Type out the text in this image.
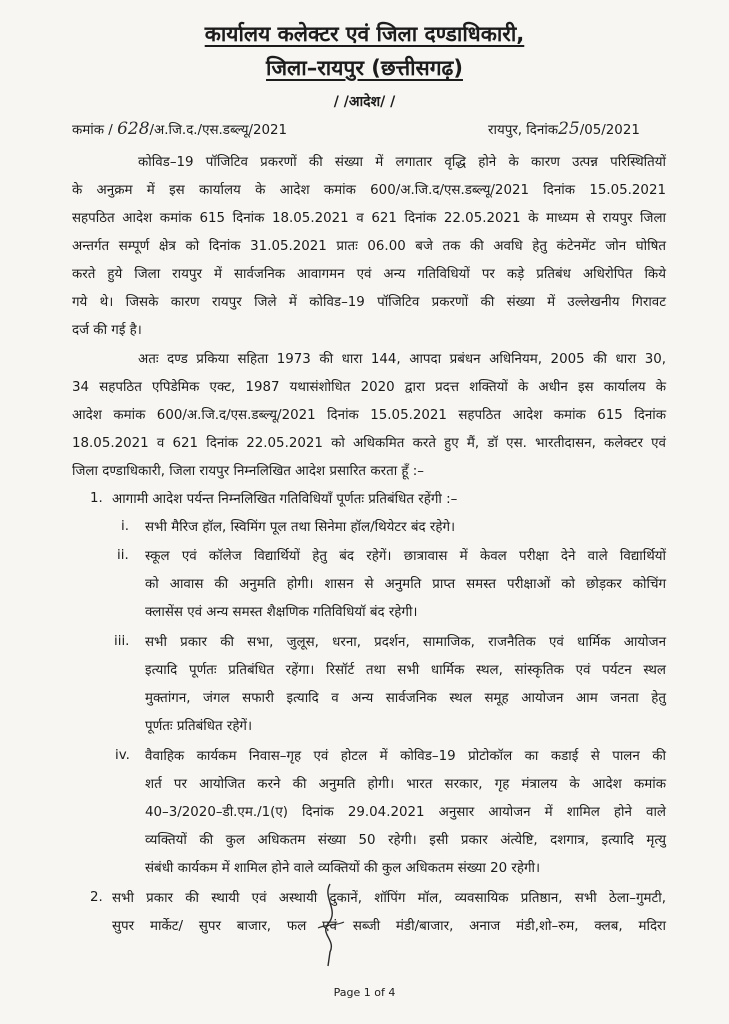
कार्यालय कलेक्टर एवं जिला दण्डाधिकारी,
जिला–रायपुर (छत्तीसगढ़)
/ /आदेश/ /
कमांक / 628/अ.जि.द./एस.डब्ल्यू/2021	रायपुर, दिनांक25/05/2021
कोविड–19 पॉजिटिव प्रकरणों की संख्या में लगातार वृद्धि होने के कारण उत्पन्न परिस्थितियों
के अनुक्रम में इस कार्यालय के आदेश कमांक 600/अ.जि.द/एस.डब्ल्यू/2021 दिनांक 15.05.2021
सहपठित आदेश कमांक 615 दिनांक 18.05.2021 व 621 दिनांक 22.05.2021 के माध्यम से रायपुर जिला
अन्तर्गत सम्पूर्ण क्षेत्र को दिनांक 31.05.2021 प्रातः 06.00 बजे तक की अवधि हेतु कंटेनमेंट जोन घोषित
करते हुये जिला रायपुर में सार्वजनिक आवागमन एवं अन्य गतिविधियों पर कड़े प्रतिबंध अधिरोपित किये
गये थे। जिसके कारण रायपुर जिले में कोविड–19 पॉजिटिव प्रकरणों की संख्या में उल्लेखनीय गिरावट
दर्ज की गई है।
अतः दण्ड प्रकिया सहिता 1973 की धारा 144, आपदा प्रबंधन अधिनियम, 2005 की धारा 30,
34 सहपठित एपिडेमिक एक्ट, 1987 यथासंशोधित 2020 द्वारा प्रदत्त शक्तियों के अधीन इस कार्यालय के
आदेश कमांक 600/अ.जि.द/एस.डब्ल्यू/2021 दिनांक 15.05.2021 सहपठित आदेश कमांक 615 दिनांक
18.05.2021 व 621 दिनांक 22.05.2021 को अधिकमित करते हुए मैं, डॉ एस. भारतीदासन, कलेक्टर एवं
जिला दण्डाधिकारी, जिला रायपुर निम्नलिखित आदेश प्रसारित करता हूँ :–
1. आगामी आदेश पर्यन्त निम्नलिखित गतिविधियाँ पूर्णतः प्रतिबंधित रहेंगी :–
i. सभी मैरिज हॉल, स्विमिंग पूल तथा सिनेमा हॉल/थियेटर बंद रहेगे।
ii. स्कूल एवं कॉलेज विद्यार्थियों हेतु बंद रहेगें। छात्रावास में केवल परीक्षा देने वाले विद्यार्थियों
को आवास की अनुमति होगी। शासन से अनुमति प्राप्त समस्त परीक्षाओं को छोड़कर कोचिंग
क्लासेंस एवं अन्य समस्त शैक्षणिक गतिविधियॉ बंद रहेगी।
iii. सभी प्रकार की सभा, जुलूस, धरना, प्रदर्शन, सामाजिक, राजनैतिक एवं धार्मिक आयोजन
इत्यादि पूर्णतः प्रतिबंधित रहेंगा। रिसॉर्ट तथा सभी धार्मिक स्थल, सांस्कृतिक एवं पर्यटन स्थल
मुक्तांगन, जंगल सफारी इत्यादि व अन्य सार्वजनिक स्थल समूह आयोजन आम जनता हेतु
पूर्णतः प्रतिबंधित रहेगें।
iv. वैवाहिक कार्यकम निवास–गृह एवं होटल में कोविड–19 प्रोटोकॉल का कडाई से पालन की
शर्त पर आयोजित करने की अनुमति होगी। भारत सरकार, गृह मंत्रालय के आदेश कमांक
40–3/2020–डी.एम./1(ए) दिनांक 29.04.2021 अनुसार आयोजन में शामिल होने वाले
व्यक्तियों की कुल अधिकतम संख्या 50 रहेगी। इसी प्रकार अंत्येष्टि, दशगात्र, इत्यादि मृत्यु
संबंधी कार्यकम में शामिल होने वाले व्यक्तियों की कुल अधिकतम संख्या 20 रहेगी।
2. सभी प्रकार की स्थायी एवं अस्थायी दुकानें, शॉपिंग मॉल, व्यवसायिक प्रतिष्ठान, सभी ठेला–गुमटी,
सुपर मार्केट/ सुपर बाजार, फल एवं सब्जी मंडी/बाजार, अनाज मंडी,शो–रुम, क्लब, मदिरा
Page 1 of 4
